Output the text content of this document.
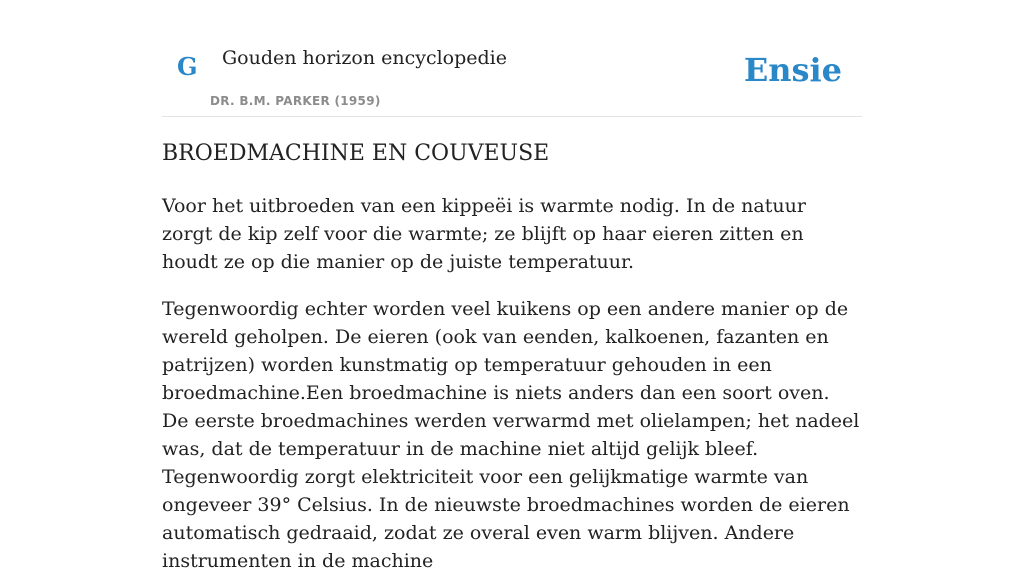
G Gouden horizon encyclopedie
DR. B.M. PARKER (1959)
Ensie
BROEDMACHINE EN COUVEUSE

Voor het uitbroeden van een kippeëi is warmte nodig. In de natuur zorgt de kip zelf voor die warmte; ze blijft op haar eieren zitten en houdt ze op die manier op de juiste temperatuur.

Tegenwoordig echter worden veel kuikens op een andere manier op de wereld geholpen. De eieren (ook van eenden, kalkoenen, fazanten en patrijzen) worden kunstmatig op temperatuur gehouden in een broedmachine.Een broedmachine is niets anders dan een soort oven. De eerste broedmachines werden verwarmd met olielampen; het nadeel was, dat de temperatuur in de machine niet altijd gelijk bleef. Tegenwoordig zorgt elektriciteit voor een gelijkmatige warmte van ongeveer 39° Celsius. In de nieuwste broedmachines worden de eieren automatisch gedraaid, zodat ze overal even warm blijven. Andere instrumenten in de machine
